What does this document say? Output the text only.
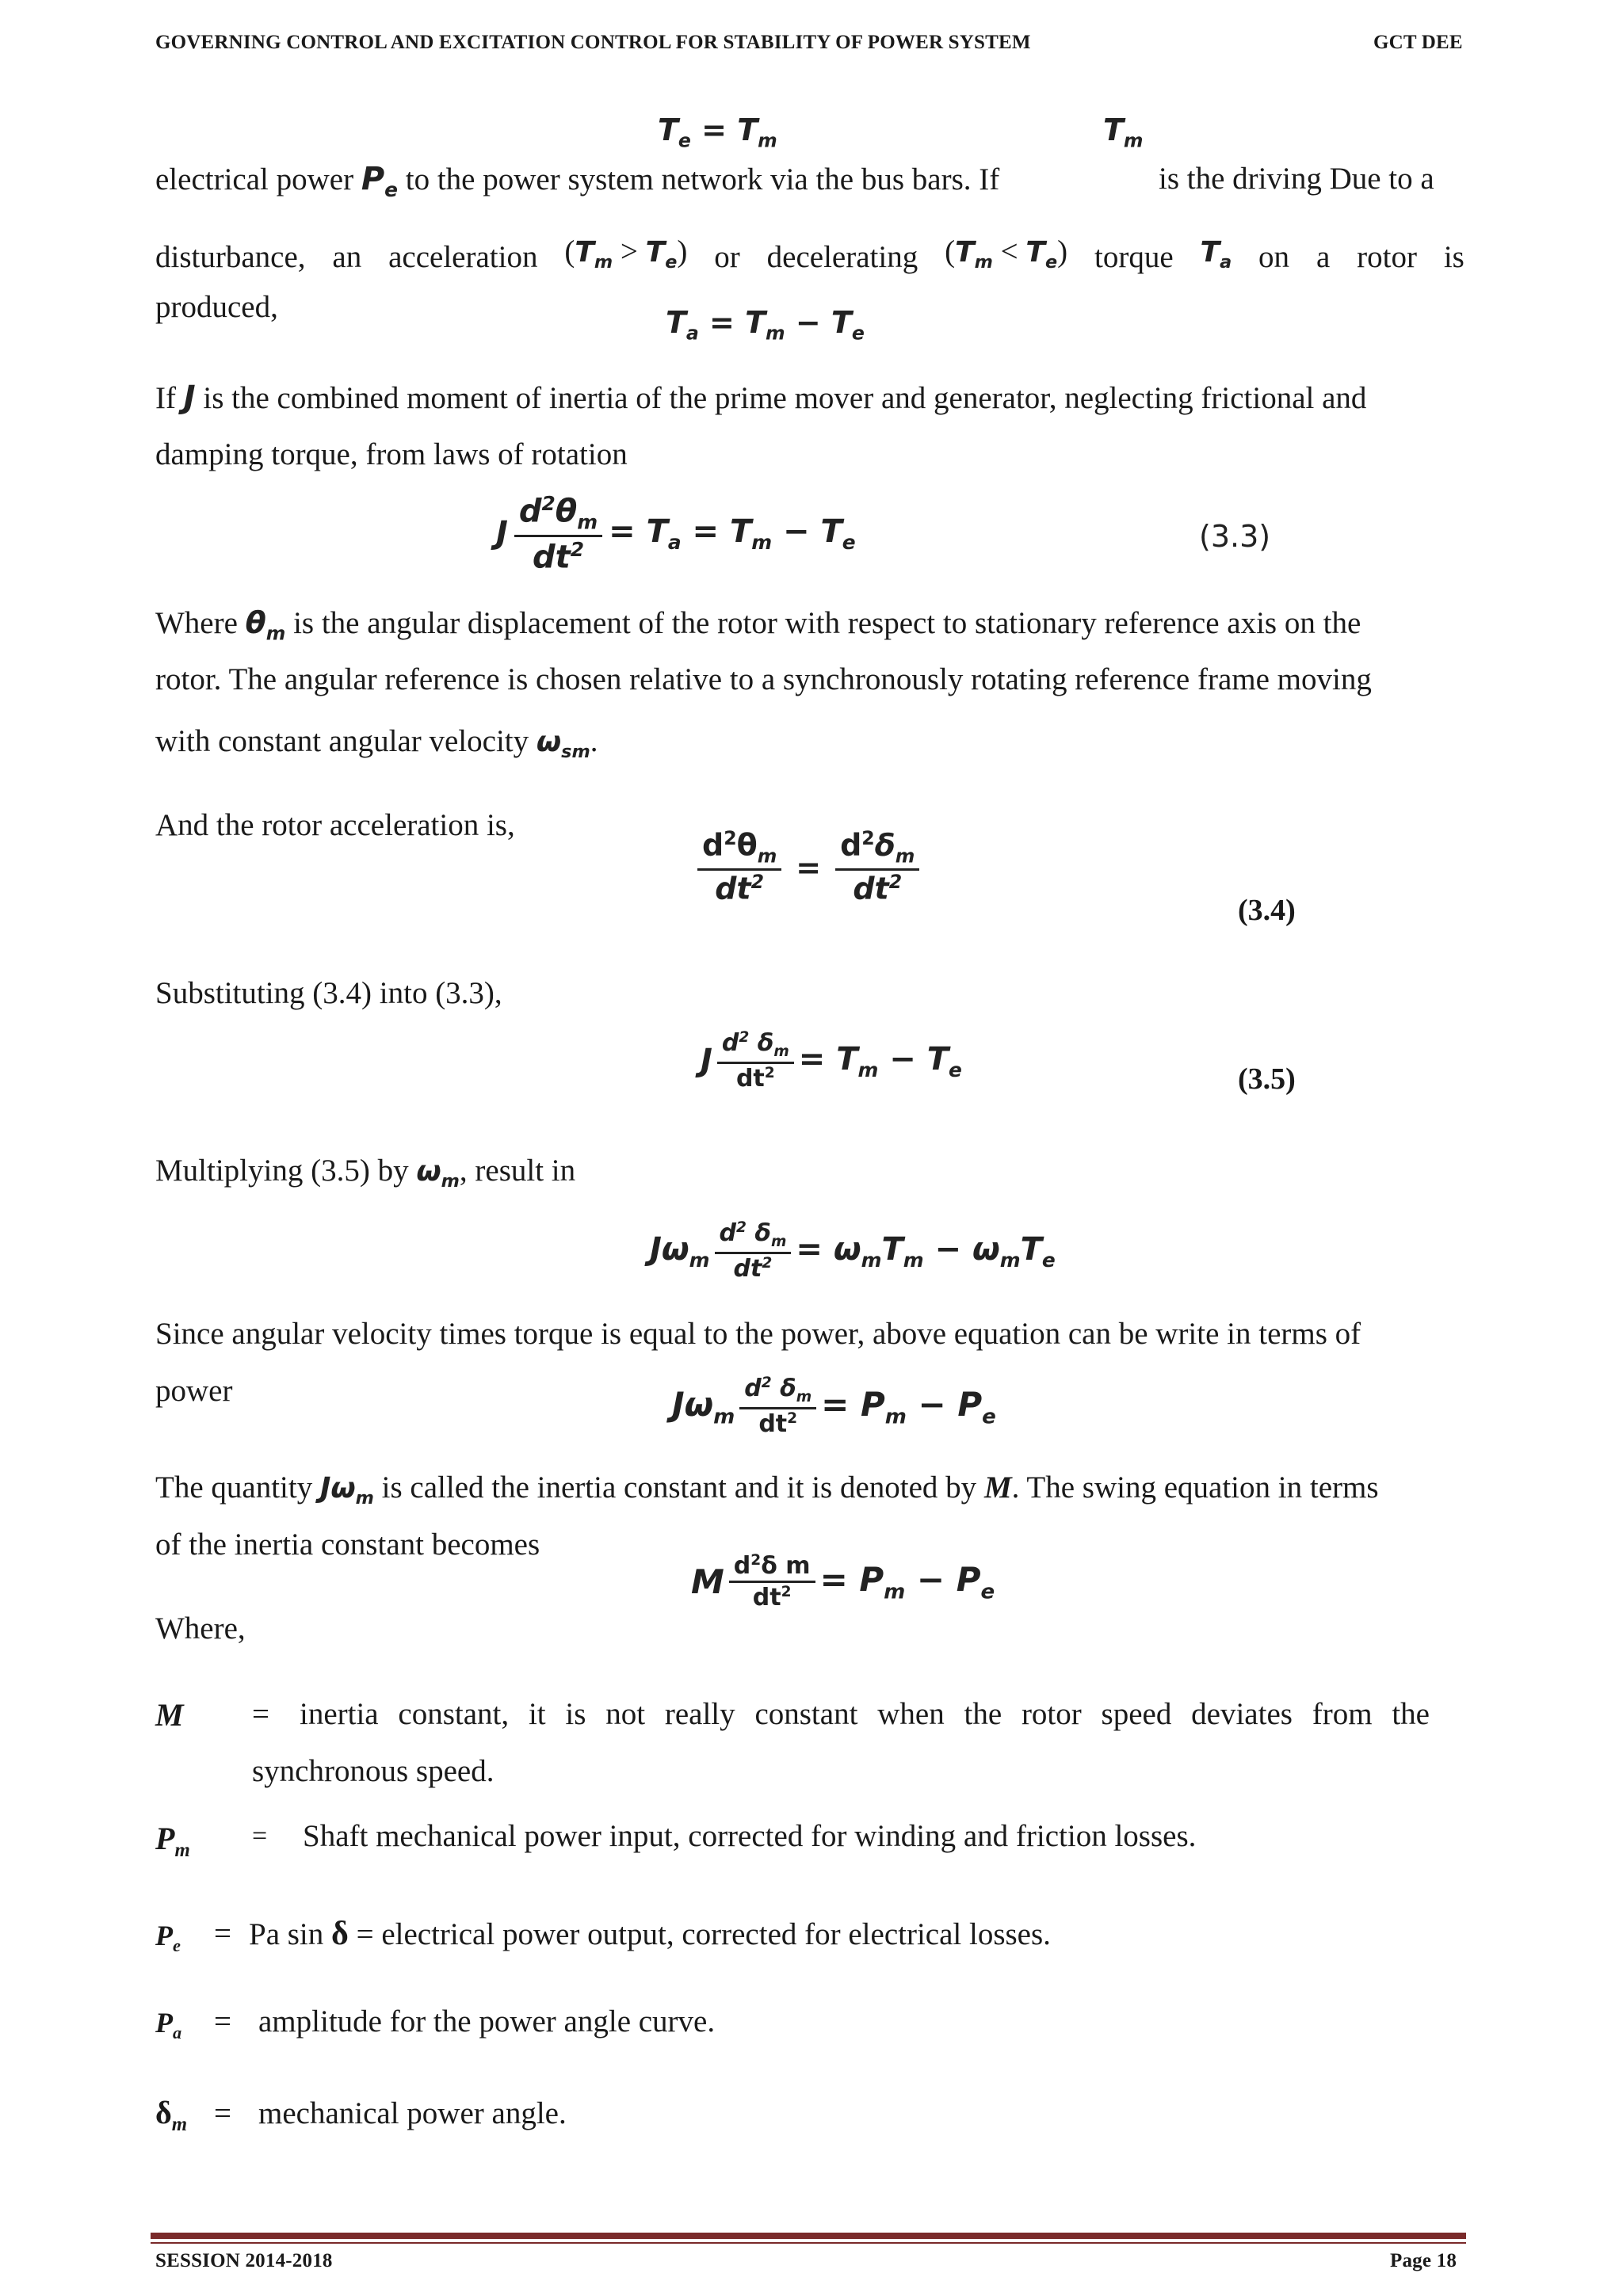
GOVERNING CONTROL AND EXCITATION CONTROL FOR STABILITY OF POWER SYSTEM	GCT DEE
$T_e = T_m$	$T_m$
electrical power $P_e$ to the power system network via the bus bars. If	is the driving Due to a
disturbance, an acceleration $(T_m > T_e)$ or decelerating $(T_m < T_e)$ torque $T_a$ on a rotor is
produced,	$T_a = T_m - T_e$
If J is the combined moment of inertia of the prime mover and generator, neglecting frictional and
damping torque, from laws of rotation
J $\frac{d^2\theta_m}{dt^2} = T_a = T_m - T_e$	(3.3)
Where $\theta_m$ is the angular displacement of the rotor with respect to stationary reference axis on the
rotor. The angular reference is chosen relative to a synchronously rotating reference frame moving
with constant angular velocity $\omega_{sm}$.
And the rotor acceleration is,
$\frac{d^2\theta_m}{dt^2} = \frac{d^2\delta_m}{dt^2}$
(3.4)
Substituting (3.4) into (3.3),
J $\frac{d^2 \delta_m}{dt^2} = T_m - T_e$	(3.5)
Multiplying (3.5) by $\omega_m$, result in
$J\omega_m \frac{d^2 \delta_m}{dt^2} = \omega_mT_m - \omega_mT_e$
Since angular velocity times torque is equal to the power, above equation can be write in terms of
power	$J\omega_m \frac{d^2 \delta_m}{dt^2} = P_m - P_e$
The quantity $J\omega_m$ is called the inertia constant and it is denoted by M. The swing equation in terms
of the inertia constant becomes
M $\frac{d^2\delta m}{dt^2} = P_m - P_e$
Where,
M = inertia constant, it is not really constant when the rotor speed deviates from the
synchronous speed.
$P_m$ = Shaft mechanical power input, corrected for winding and friction losses.
$P_e = Pa$ sin δ = electrical power output, corrected for electrical losses.
$P_a$ = amplitude for the power angle curve.
$\delta_m$ = mechanical power angle.
SESSION 2014-2018	Page 18
